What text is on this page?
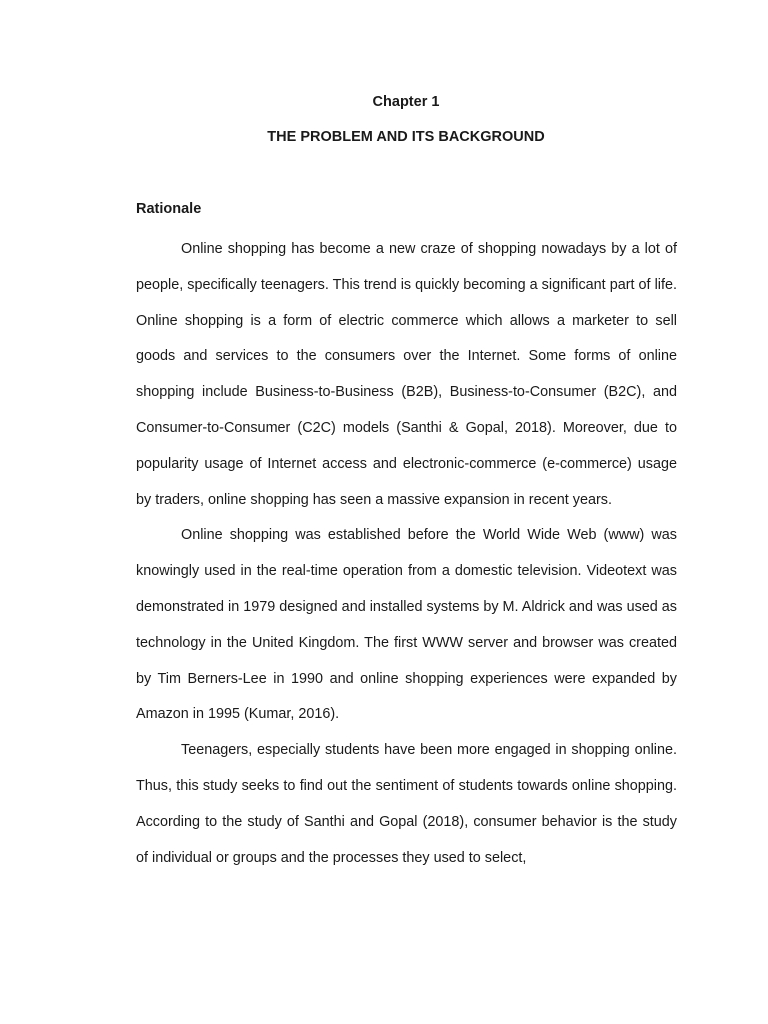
Chapter 1
THE PROBLEM AND ITS BACKGROUND
Rationale

Online shopping has become a new craze of shopping nowadays by a lot of people, specifically teenagers. This trend is quickly becoming a significant part of life. Online shopping is a form of electric commerce which allows a marketer to sell goods and services to the consumers over the Internet. Some forms of online shopping include Business-to-Business (B2B), Business-to-Consumer (B2C), and Consumer-to-Consumer (C2C) models (Santhi & Gopal, 2018). Moreover, due to popularity usage of Internet access and electronic-commerce (e-commerce) usage by traders, online shopping has seen a massive expansion in recent years.

Online shopping was established before the World Wide Web (www) was knowingly used in the real-time operation from a domestic television. Videotext was demonstrated in 1979 designed and installed systems by M. Aldrick and was used as technology in the United Kingdom. The first WWW server and browser was created by Tim Berners-Lee in 1990 and online shopping experiences were expanded by Amazon in 1995 (Kumar, 2016).

Teenagers, especially students have been more engaged in shopping online. Thus, this study seeks to find out the sentiment of students towards online shopping. According to the study of Santhi and Gopal (2018), consumer behavior is the study of individual or groups and the processes they used to select,
